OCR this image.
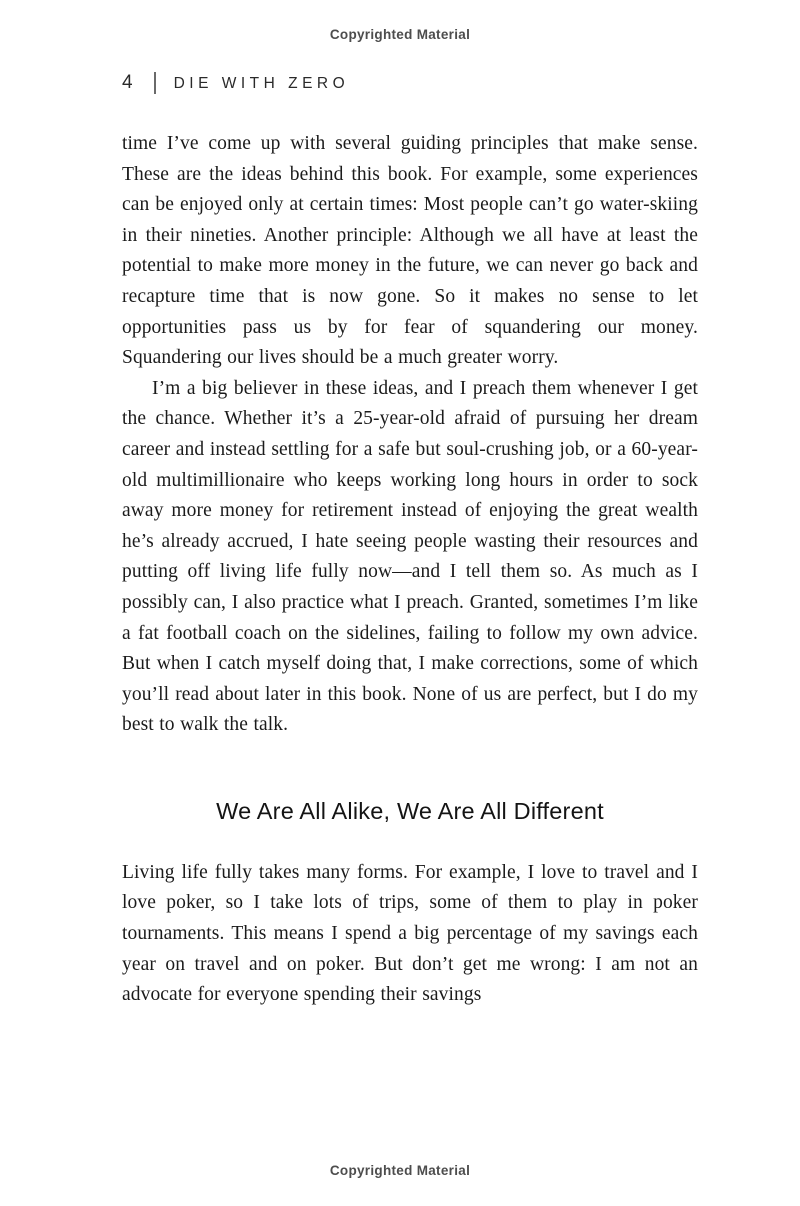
Copyrighted Material
4	DIE WITH ZERO

time I’ve come up with several guiding principles that make sense. These are the ideas behind this book. For example, some experiences can be enjoyed only at certain times: Most people can’t go water-skiing in their nineties. Another principle: Although we all have at least the potential to make more money in the future, we can never go back and recapture time that is now gone. So it makes no sense to let opportunities pass us by for fear of squandering our money. Squandering our lives should be a much greater worry.

I’m a big believer in these ideas, and I preach them whenever I get the chance. Whether it’s a 25-year-old afraid of pursuing her dream career and instead settling for a safe but soul-crushing job, or a 60-year-old multimillionaire who keeps working long hours in order to sock away more money for retirement instead of enjoying the great wealth he’s already accrued, I hate seeing people wasting their resources and putting off living life fully now—and I tell them so. As much as I possibly can, I also practice what I preach. Granted, sometimes I’m like a fat football coach on the sidelines, failing to follow my own advice. But when I catch myself doing that, I make corrections, some of which you’ll read about later in this book. None of us are perfect, but I do my best to walk the talk.

We Are All Alike, We Are All Different

Living life fully takes many forms. For example, I love to travel and I love poker, so I take lots of trips, some of them to play in poker tournaments. This means I spend a big percentage of my savings each year on travel and on poker. But don’t get me wrong: I am not an advocate for everyone spending their savings

Copyrighted Material
